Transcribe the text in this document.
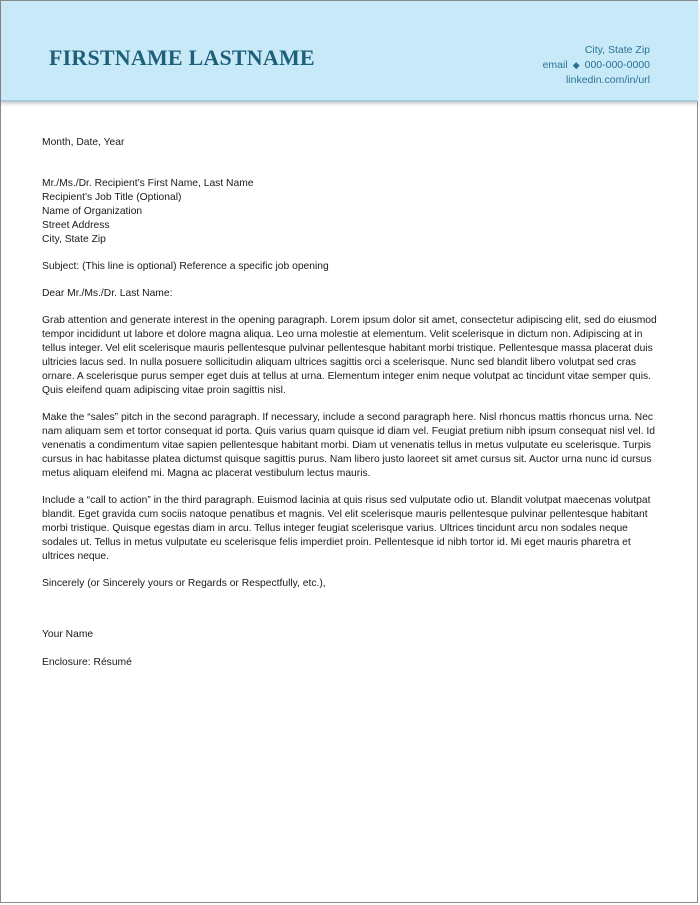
FIRSTNAME LASTNAME	City, State Zip
email ◆ 000-000-0000
linkedin.com/in/url

Month, Date, Year

Mr./Ms./Dr. Recipient’s First Name, Last Name
Recipient’s Job Title (Optional)
Name of Organization
Street Address
City, State Zip

Subject: (This line is optional) Reference a specific job opening

Dear Mr./Ms./Dr. Last Name:

Grab attention and generate interest in the opening paragraph. Lorem ipsum dolor sit amet, consectetur adipiscing elit, sed do eiusmod tempor incididunt ut labore et dolore magna aliqua. Leo urna molestie at elementum. Velit scelerisque in dictum non. Adipiscing at in tellus integer. Vel elit scelerisque mauris pellentesque pulvinar pellentesque habitant morbi tristique. Pellentesque massa placerat duis ultricies lacus sed. In nulla posuere sollicitudin aliquam ultrices sagittis orci a scelerisque. Nunc sed blandit libero volutpat sed cras ornare. A scelerisque purus semper eget duis at tellus at urna. Elementum integer enim neque volutpat ac tincidunt vitae semper quis. Quis eleifend quam adipiscing vitae proin sagittis nisl.

Make the “sales” pitch in the second paragraph. If necessary, include a second paragraph here. Nisl rhoncus mattis rhoncus urna. Nec nam aliquam sem et tortor consequat id porta. Quis varius quam quisque id diam vel. Feugiat pretium nibh ipsum consequat nisl vel. Id venenatis a condimentum vitae sapien pellentesque habitant morbi. Diam ut venenatis tellus in metus vulputate eu scelerisque. Turpis cursus in hac habitasse platea dictumst quisque sagittis purus. Nam libero justo laoreet sit amet cursus sit. Auctor urna nunc id cursus metus aliquam eleifend mi. Magna ac placerat vestibulum lectus mauris.

Include a “call to action” in the third paragraph. Euismod lacinia at quis risus sed vulputate odio ut. Blandit volutpat maecenas volutpat blandit. Eget gravida cum sociis natoque penatibus et magnis. Vel elit scelerisque mauris pellentesque pulvinar pellentesque habitant morbi tristique. Quisque egestas diam in arcu. Tellus integer feugiat scelerisque varius. Ultrices tincidunt arcu non sodales neque sodales ut. Tellus in metus vulputate eu scelerisque felis imperdiet proin. Pellentesque id nibh tortor id. Mi eget mauris pharetra et ultrices neque.

Sincerely (or Sincerely yours or Regards or Respectfully, etc.),

Your Name

Enclosure: Résumé
